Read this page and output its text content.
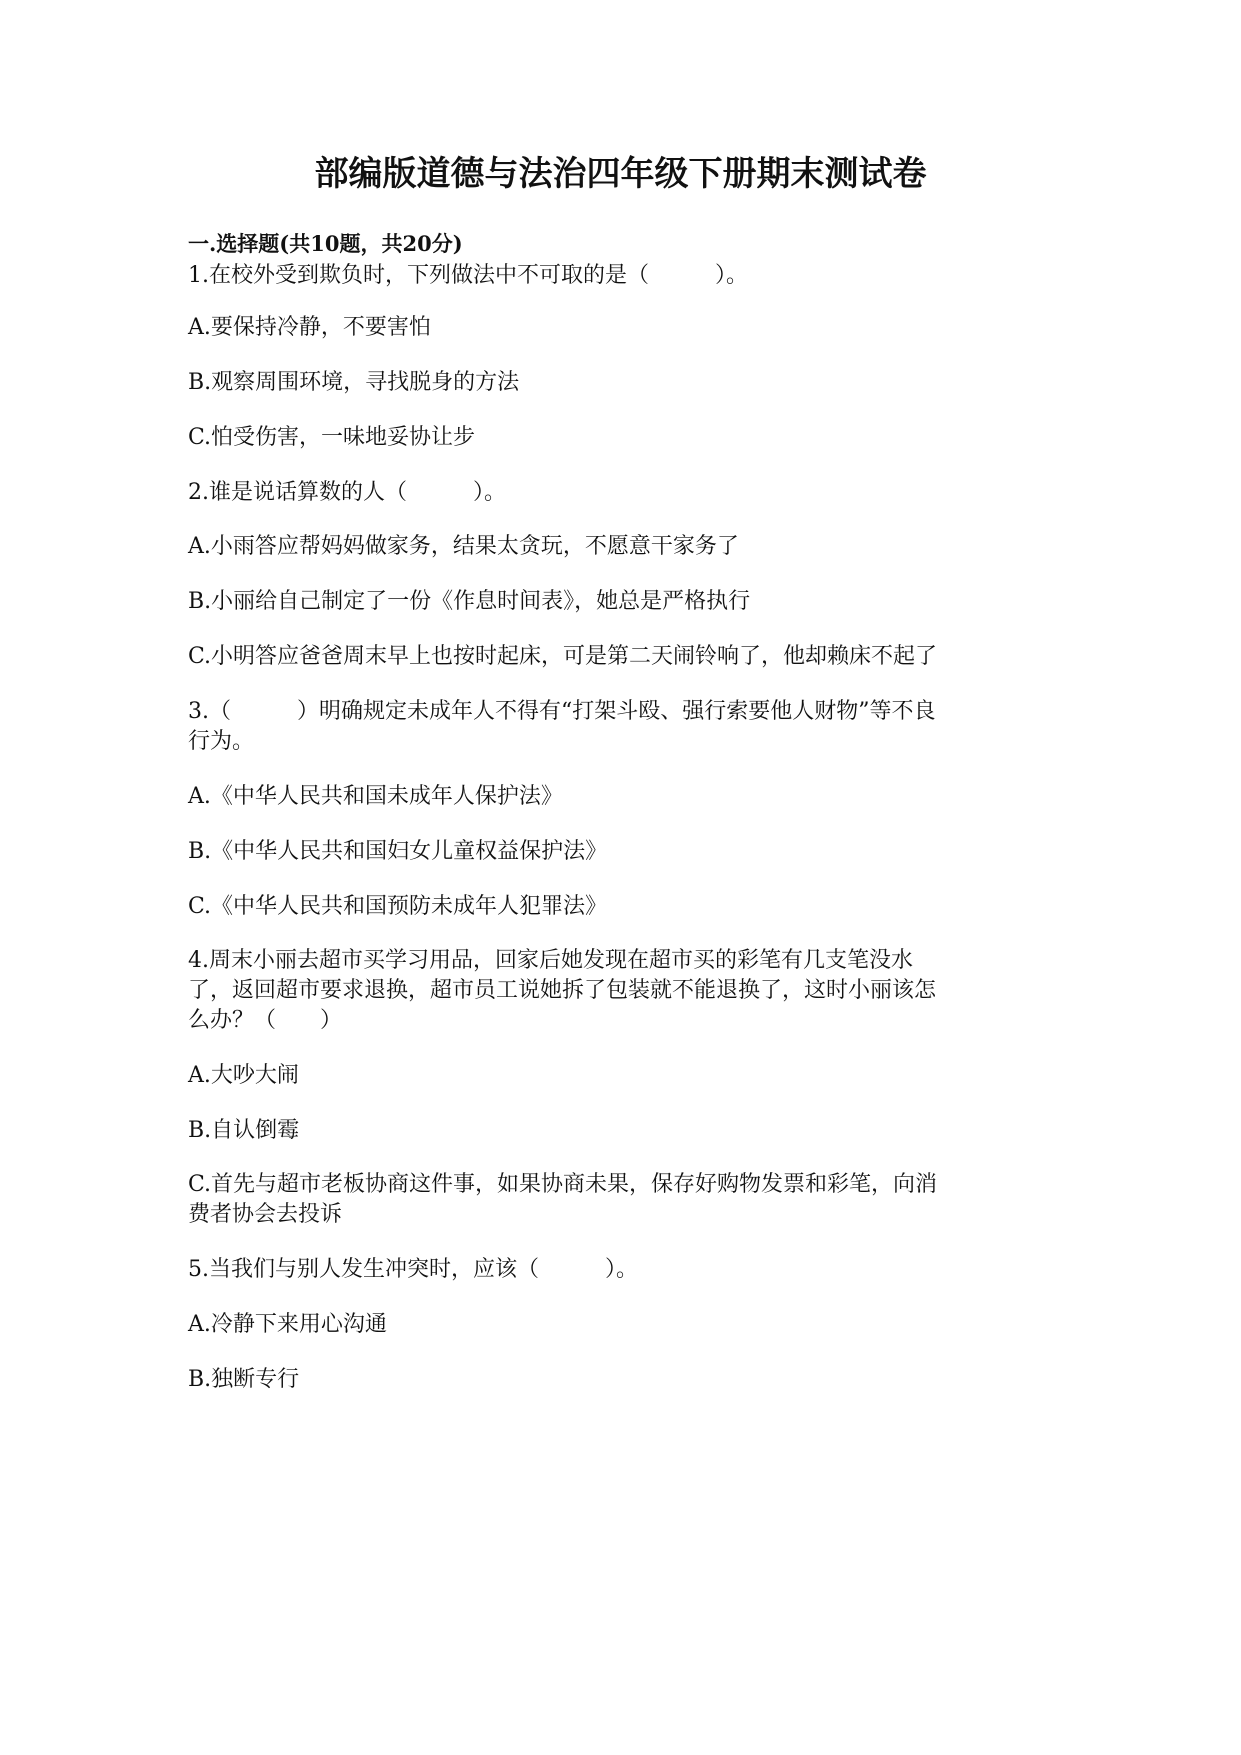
部编版道德与法治四年级下册期末测试卷
一.选择题(共10题，共20分)
1.在校外受到欺负时，下列做法中不可取的是（　　　）。
A.要保持冷静，不要害怕
B.观察周围环境，寻找脱身的方法
C.怕受伤害，一味地妥协让步
2.谁是说话算数的人（　　　）。
A.小雨答应帮妈妈做家务，结果太贪玩，不愿意干家务了
B.小丽给自己制定了一份《作息时间表》，她总是严格执行
C.小明答应爸爸周末早上也按时起床，可是第二天闹铃响了，他却赖床不起了
3.（　　　）明确规定未成年人不得有“打架斗殴、强行索要他人财物”等不良
行为。
A.《中华人民共和国未成年人保护法》
B.《中华人民共和国妇女儿童权益保护法》
C.《中华人民共和国预防未成年人犯罪法》
4.周末小丽去超市买学习用品，回家后她发现在超市买的彩笔有几支笔没水
了，返回超市要求退换，超市员工说她拆了包装就不能退换了，这时小丽该怎
么办？（　　）
A.大吵大闹
B.自认倒霉
C.首先与超市老板协商这件事，如果协商未果，保存好购物发票和彩笔，向消
费者协会去投诉
5.当我们与别人发生冲突时，应该（　　　）。
A.冷静下来用心沟通
B.独断专行
